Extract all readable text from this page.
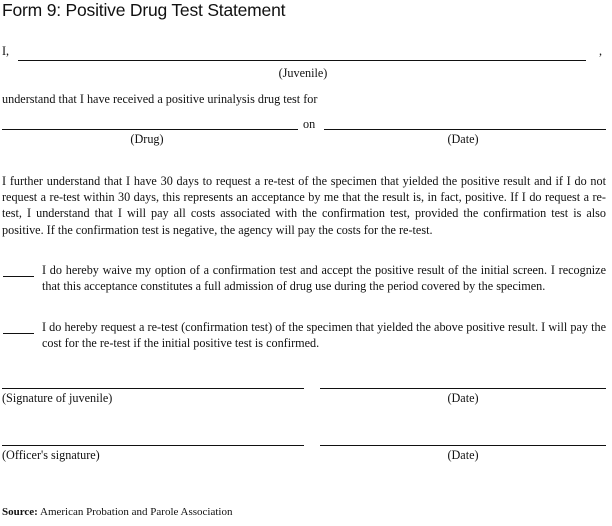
Form 9: Positive Drug Test Statement
I,	,
(Juvenile)
understand that I have received a positive urinalysis drug test for
on
(Drug)	(Date)
I further understand that I have 30 days to request a re-test of the specimen that yielded the positive result and if I do not request a re-test within 30 days, this represents an acceptance by me that the result is, in fact, positive. If I do request a re-test, I understand that I will pay all costs associated with the confirmation test, provided the confirmation test is also positive. If the confirmation test is negative, the agency will pay the costs for the re-test.
I do hereby waive my option of a confirmation test and accept the positive result of the initial screen. I recognize that this acceptance constitutes a full admission of drug use during the period covered by the specimen.
I do hereby request a re-test (confirmation test) of the specimen that yielded the above positive result. I will pay the cost for the re-test if the initial positive test is confirmed.
(Signature of juvenile)	(Date)
(Officer's signature)	(Date)
Source: American Probation and Parole Association
